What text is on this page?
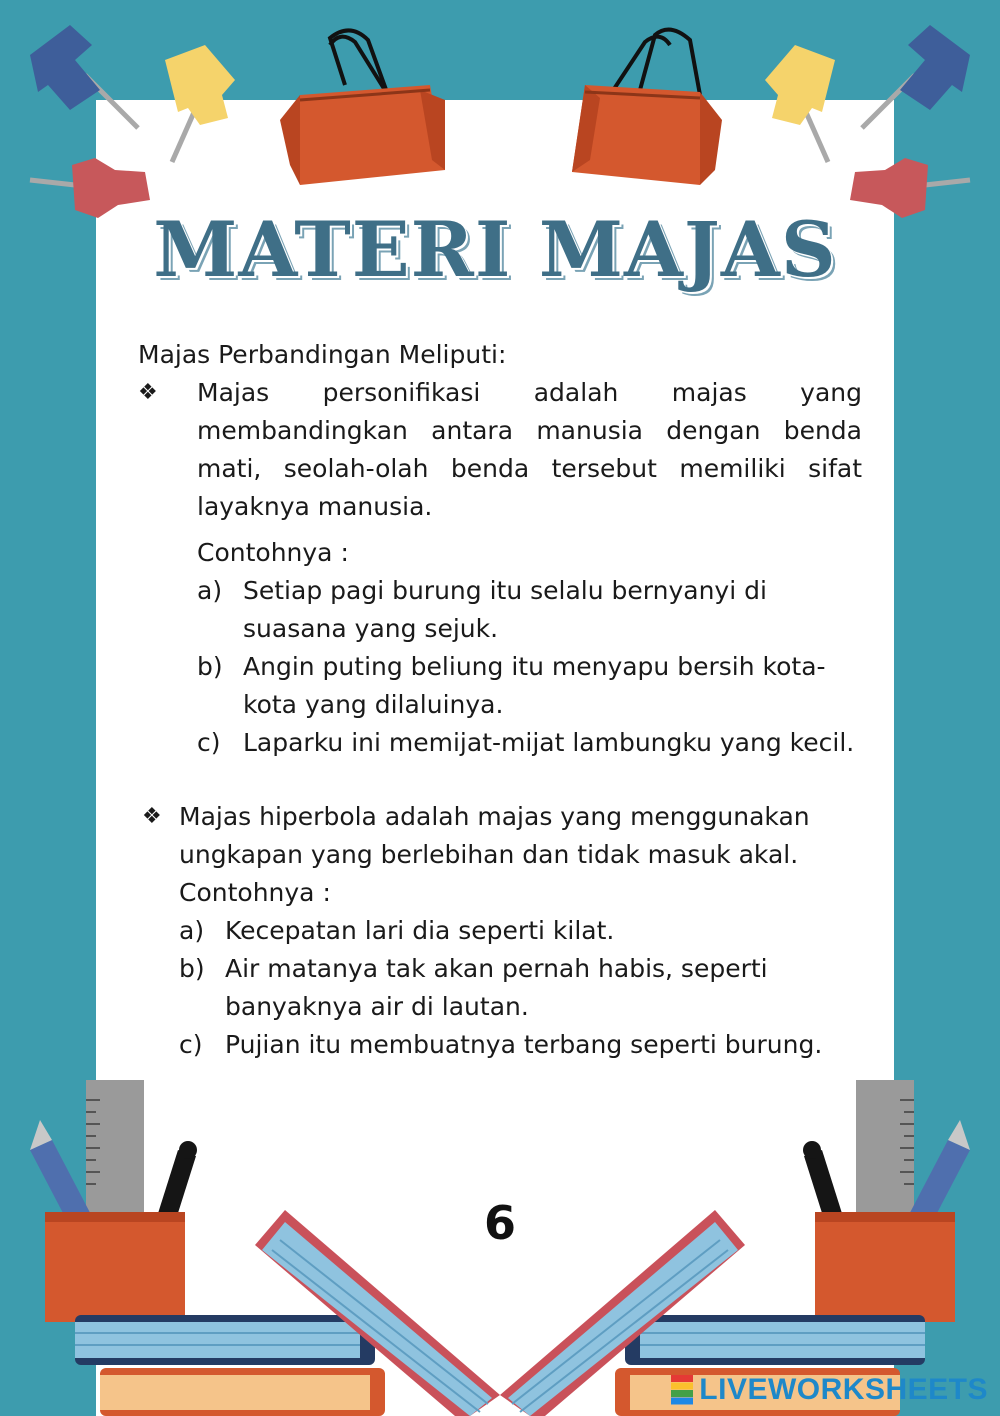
MATERI MAJAS

Majas Perbandingan Meliputi:

❖ Majas personifikasi adalah majas yang membandingkan antara manusia dengan benda mati, seolah-olah benda tersebut memiliki sifat layaknya manusia.

Contohnya :

a) Setiap pagi burung itu selalu bernyanyi di suasana yang sejuk.
b) Angin puting beliung itu menyapu bersih kota-kota yang dilaluinya.
c) Laparku ini memijat-mijat lambungku yang kecil.
❖ Majas hiperbola adalah majas yang menggunakan ungkapan yang berlebihan dan tidak masuk akal.

Contohnya :

a) Kecepatan lari dia seperti kilat.
b) Air matanya tak akan pernah habis, seperti banyaknya air di lautan.
c) Pujian itu membuatnya terbang seperti burung.
6
LIVEWORKSHEETS
